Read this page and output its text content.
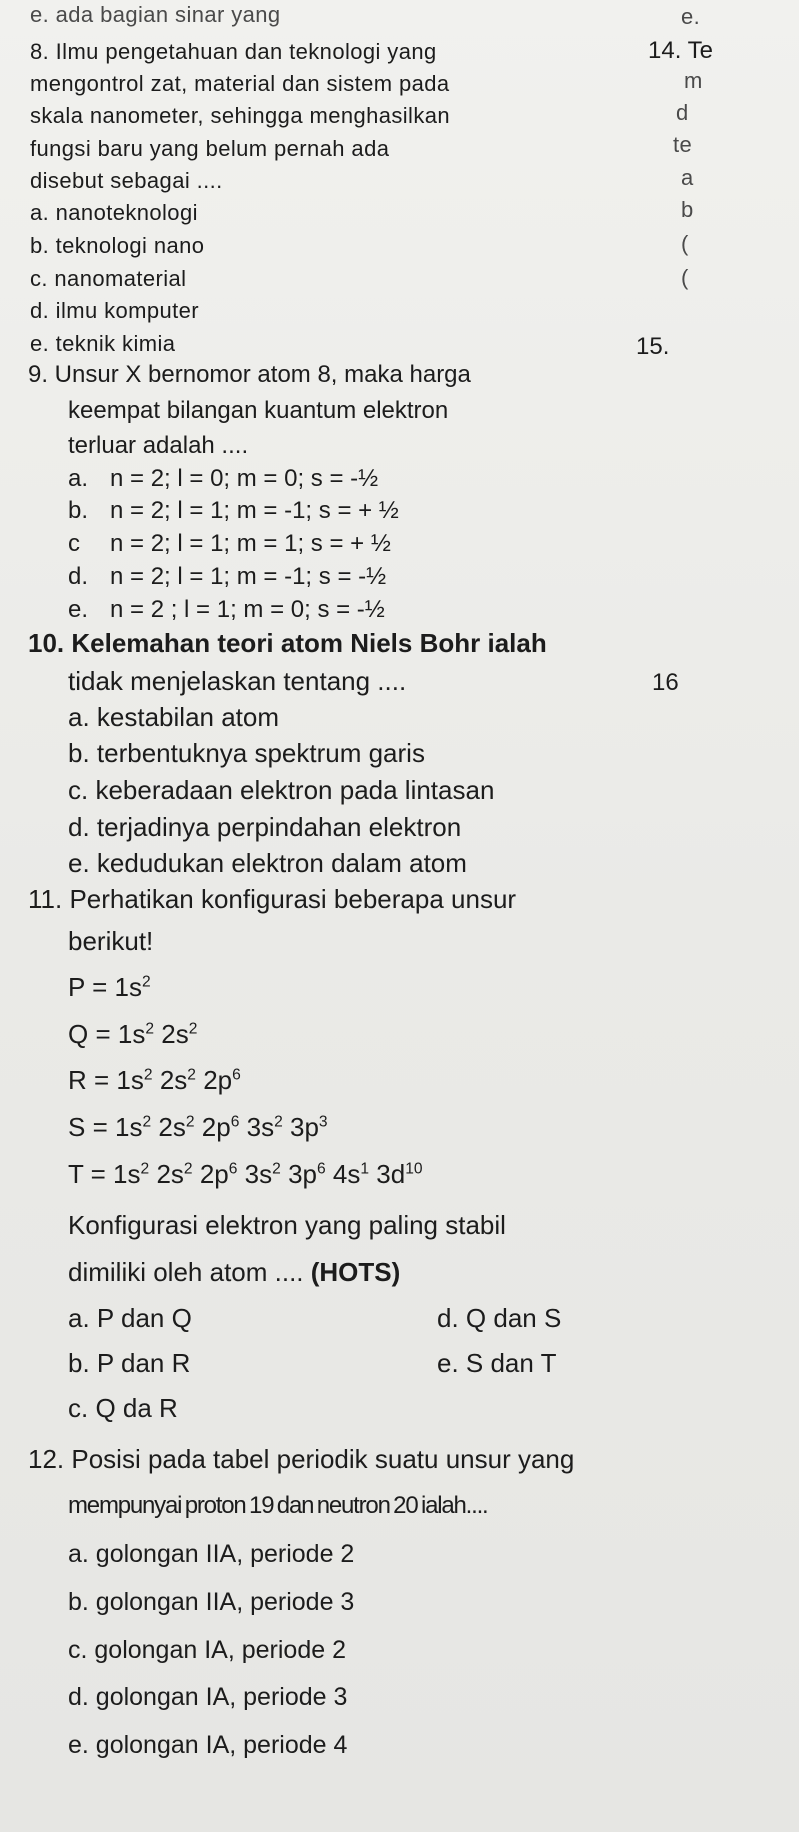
e. ada bagian sinar yang	e.
14. Te
m
d
te
a
b
(
(
15.
16
8. Ilmu pengetahuan dan teknologi yang
mengontrol zat, material dan sistem pada
skala nanometer, sehingga menghasilkan
fungsi baru yang belum pernah ada
disebut sebagai ....
a. nanoteknologi
b. teknologi nano
c. nanomaterial
d. ilmu komputer
e. teknik kimia
9. Unsur X bernomor atom 8, maka harga
keempat bilangan kuantum elektron
terluar adalah ....
a. n = 2; l = 0; m = 0; s = -½
b. n = 2; l = 1; m = -1; s = + ½
c n = 2; l = 1; m = 1; s = + ½
d. n = 2; l = 1; m = -1; s = -½
e. n = 2 ; l = 1; m = 0; s = -½
10. Kelemahan teori atom Niels Bohr ialah
tidak menjelaskan tentang ....
a. kestabilan atom
b. terbentuknya spektrum garis
c. keberadaan elektron pada lintasan
d. terjadinya perpindahan elektron
e. kedudukan elektron dalam atom
11. Perhatikan konfigurasi beberapa unsur
berikut!
$P = 1s^2$
$Q = 1s^2$ $2s^2$
$R = 1s^2$ $2s^2$ $2p^6$
$S = 1s^2$ $2s^2$ $2p^6$ $3s^2$ $3p^3$
$T = 1s^2$ $2s^2$ $2p^6$ $3s^2$ $3p^6$ $4s^1$ $3d^{10}$
Konfigurasi elektron yang paling stabil
dimiliki oleh atom .... (HOTS)
a. P dan Q
b. P dan R
c. Q da R
d. Q dan S
e. S dan T
12. Posisi pada tabel periodik suatu unsur yang
mempunyai proton 19 dan neutron 20 ialah....
a. golongan IIA, periode 2
b. golongan IIA, periode 3
c. golongan IA, periode 2
d. golongan IA, periode 3
e. golongan IA, periode 4
